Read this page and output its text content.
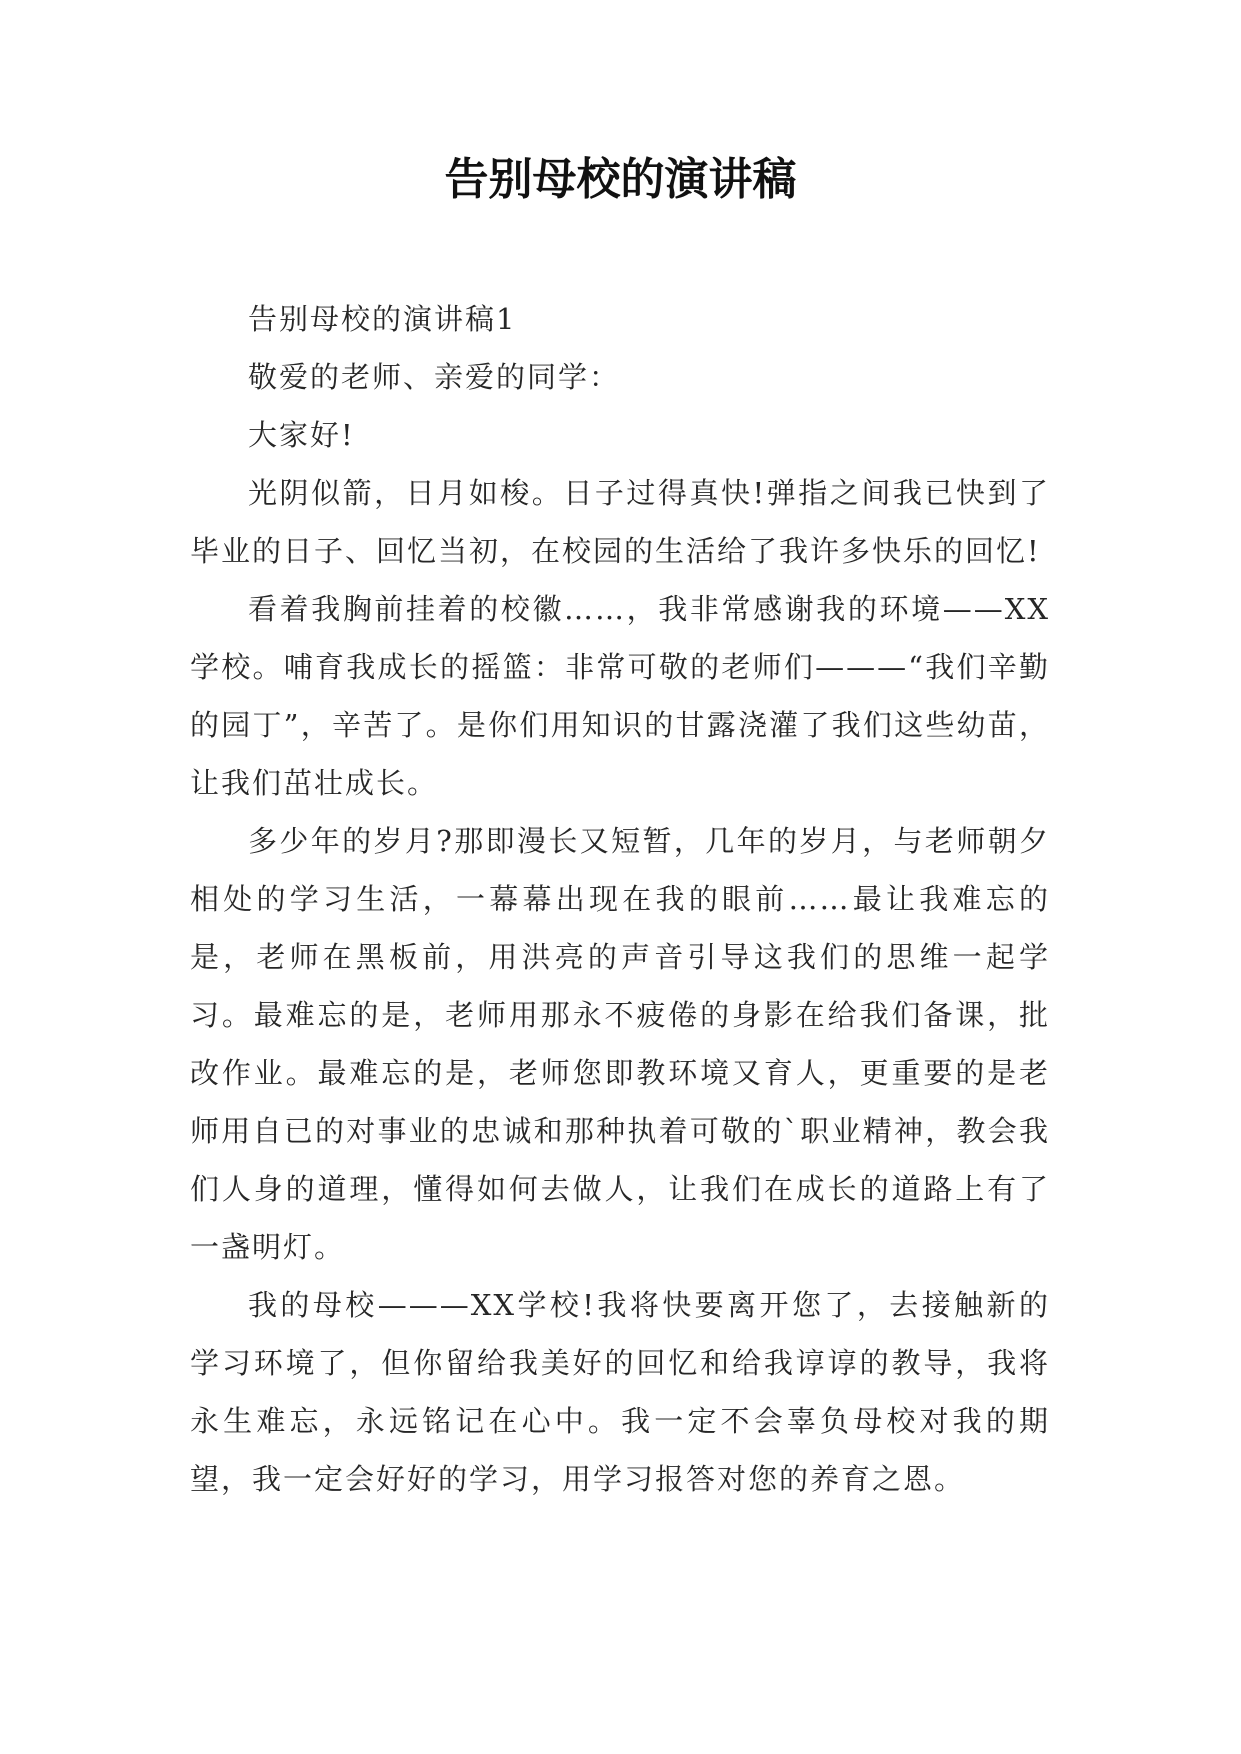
告别母校的演讲稿

告别母校的演讲稿1

敬爱的老师、亲爱的同学：

大家好!

光阴似箭，日月如梭。日子过得真快!弹指之间我已快到了毕业的日子、回忆当初，在校园的生活给了我许多快乐的回忆!

看着我胸前挂着的校徽……，我非常感谢我的环境——XX学校。哺育我成长的摇篮：非常可敬的老师们———“我们辛勤的园丁”，辛苦了。是你们用知识的甘露浇灌了我们这些幼苗，让我们茁壮成长。

多少年的岁月?那即漫长又短暂，几年的岁月，与老师朝夕相处的学习生活，一幕幕出现在我的眼前……最让我难忘的是，老师在黑板前，用洪亮的声音引导这我们的思维一起学习。最难忘的是，老师用那永不疲倦的身影在给我们备课，批改作业。最难忘的是，老师您即教环境又育人，更重要的是老师用自已的对事业的忠诚和那种执着可敬的`职业精神，教会我们人身的道理，懂得如何去做人，让我们在成长的道路上有了一盏明灯。

我的母校———XX学校!我将快要离开您了，去接触新的学习环境了，但你留给我美好的回忆和给我谆谆的教导，我将永生难忘，永远铭记在心中。我一定不会辜负母校对我的期望，我一定会好好的学习，用学习报答对您的养育之恩。
